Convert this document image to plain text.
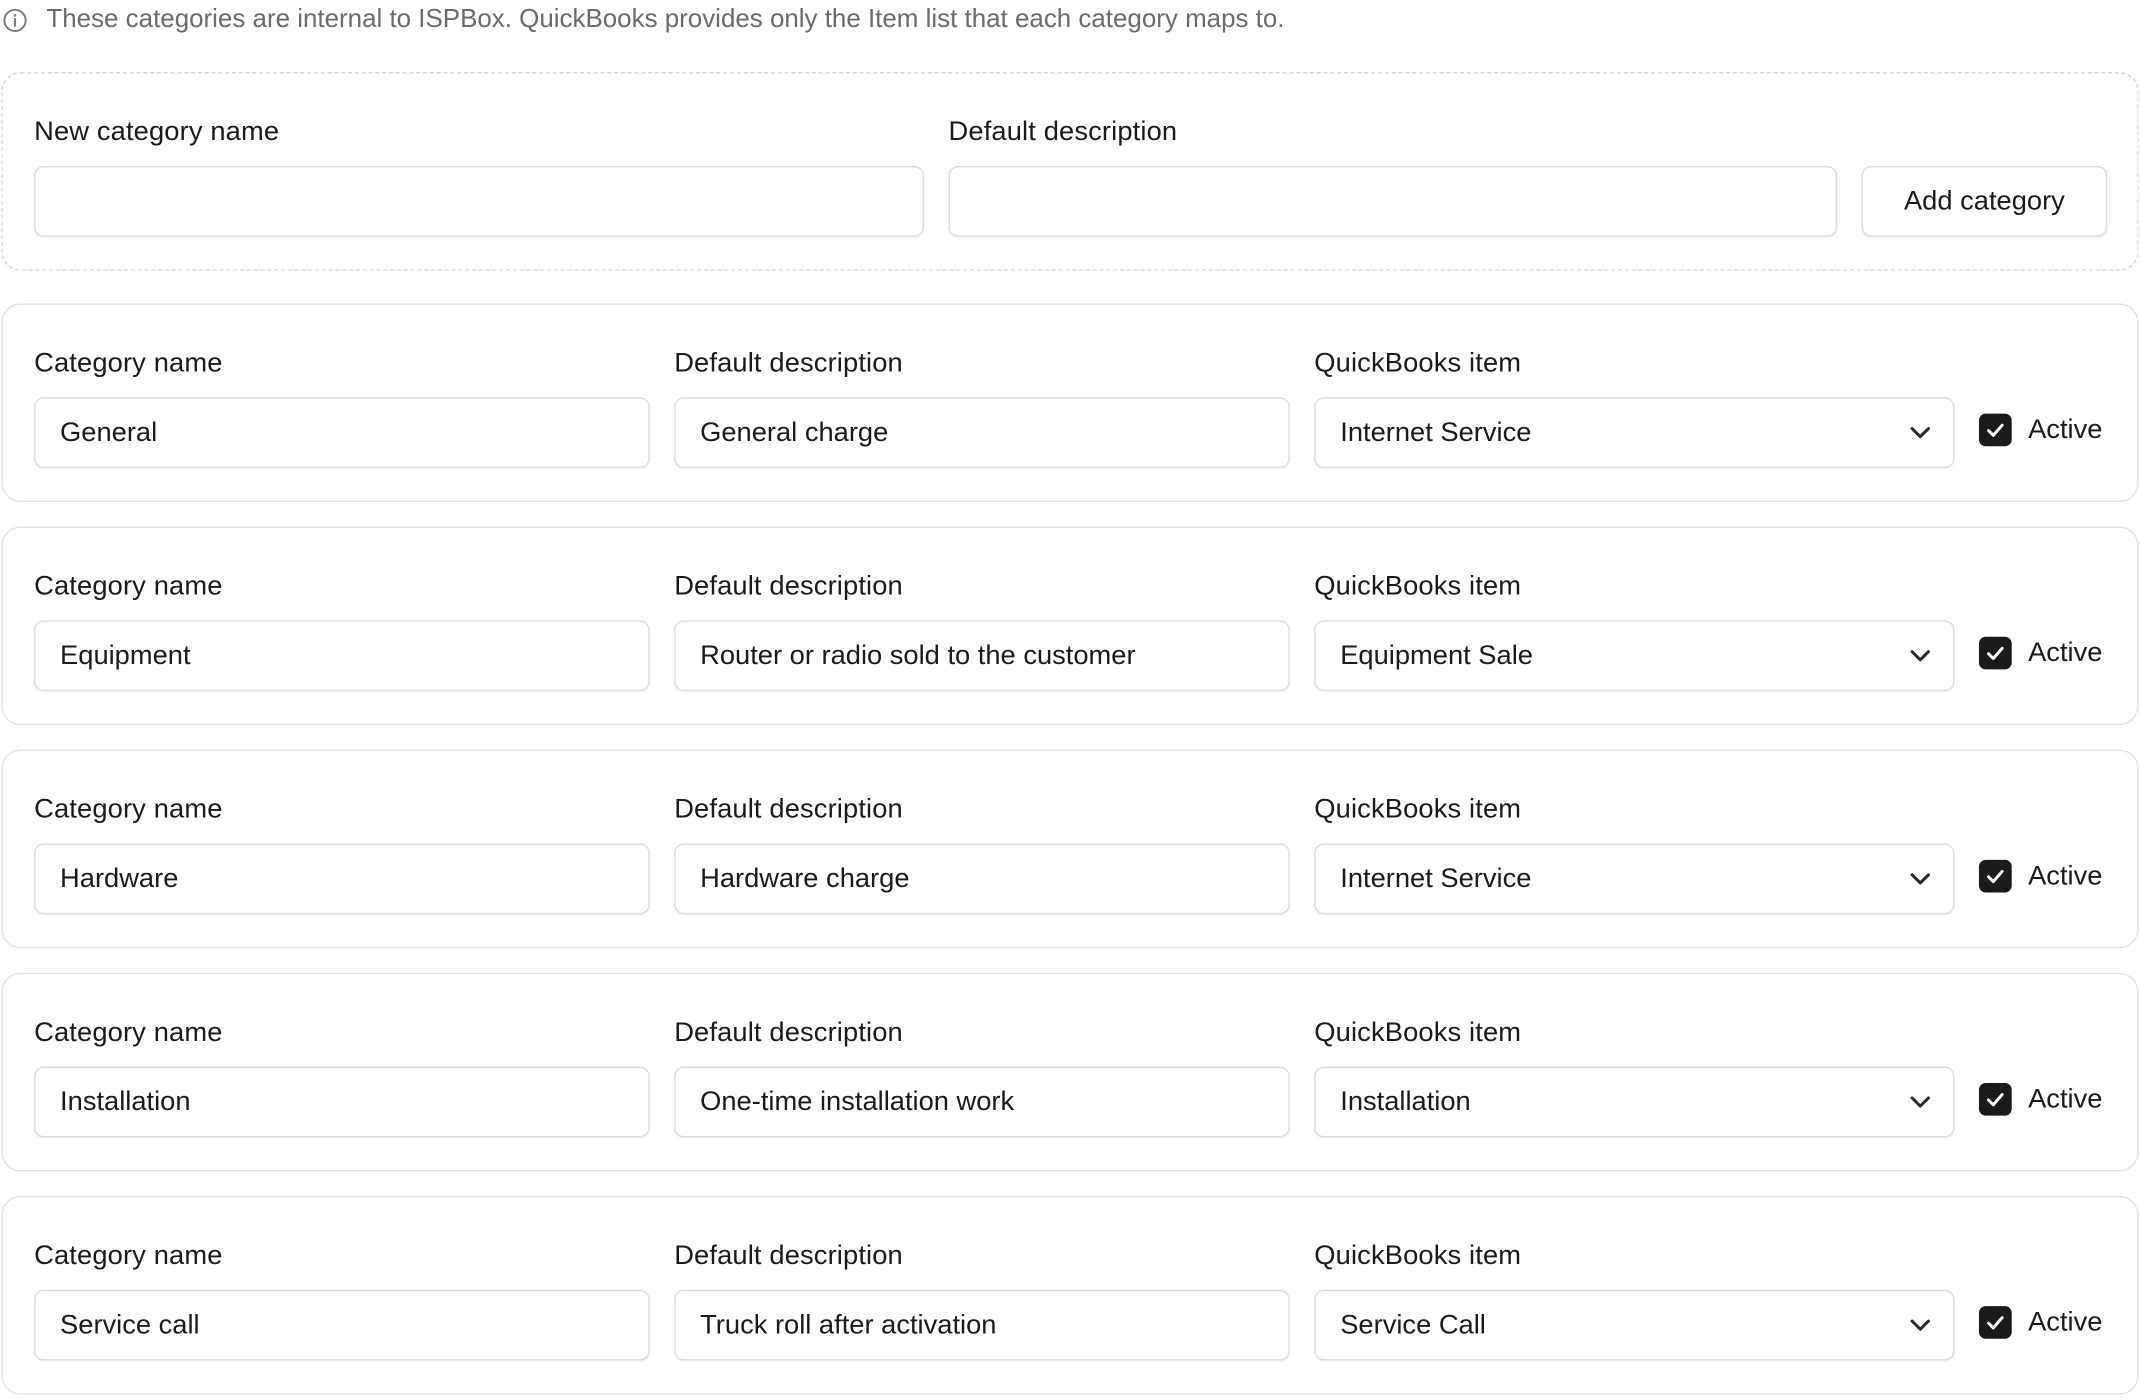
These categories are internal to ISPBox. QuickBooks provides only the Item list that each category maps to.
New category name	Default description
Add category
Category name
General
Default description
General charge
QuickBooks item
Internet Service	Active
Category name
Equipment
Default description
Router or radio sold to the customer
QuickBooks item
Equipment Sale	Active
Category name
Hardware
Default description
Hardware charge
QuickBooks item
Internet Service	Active
Category name
Installation
Default description
One-time installation work
QuickBooks item
Installation	Active
Category name
Service call
Default description
Truck roll after activation
QuickBooks item
Service Call	Active
